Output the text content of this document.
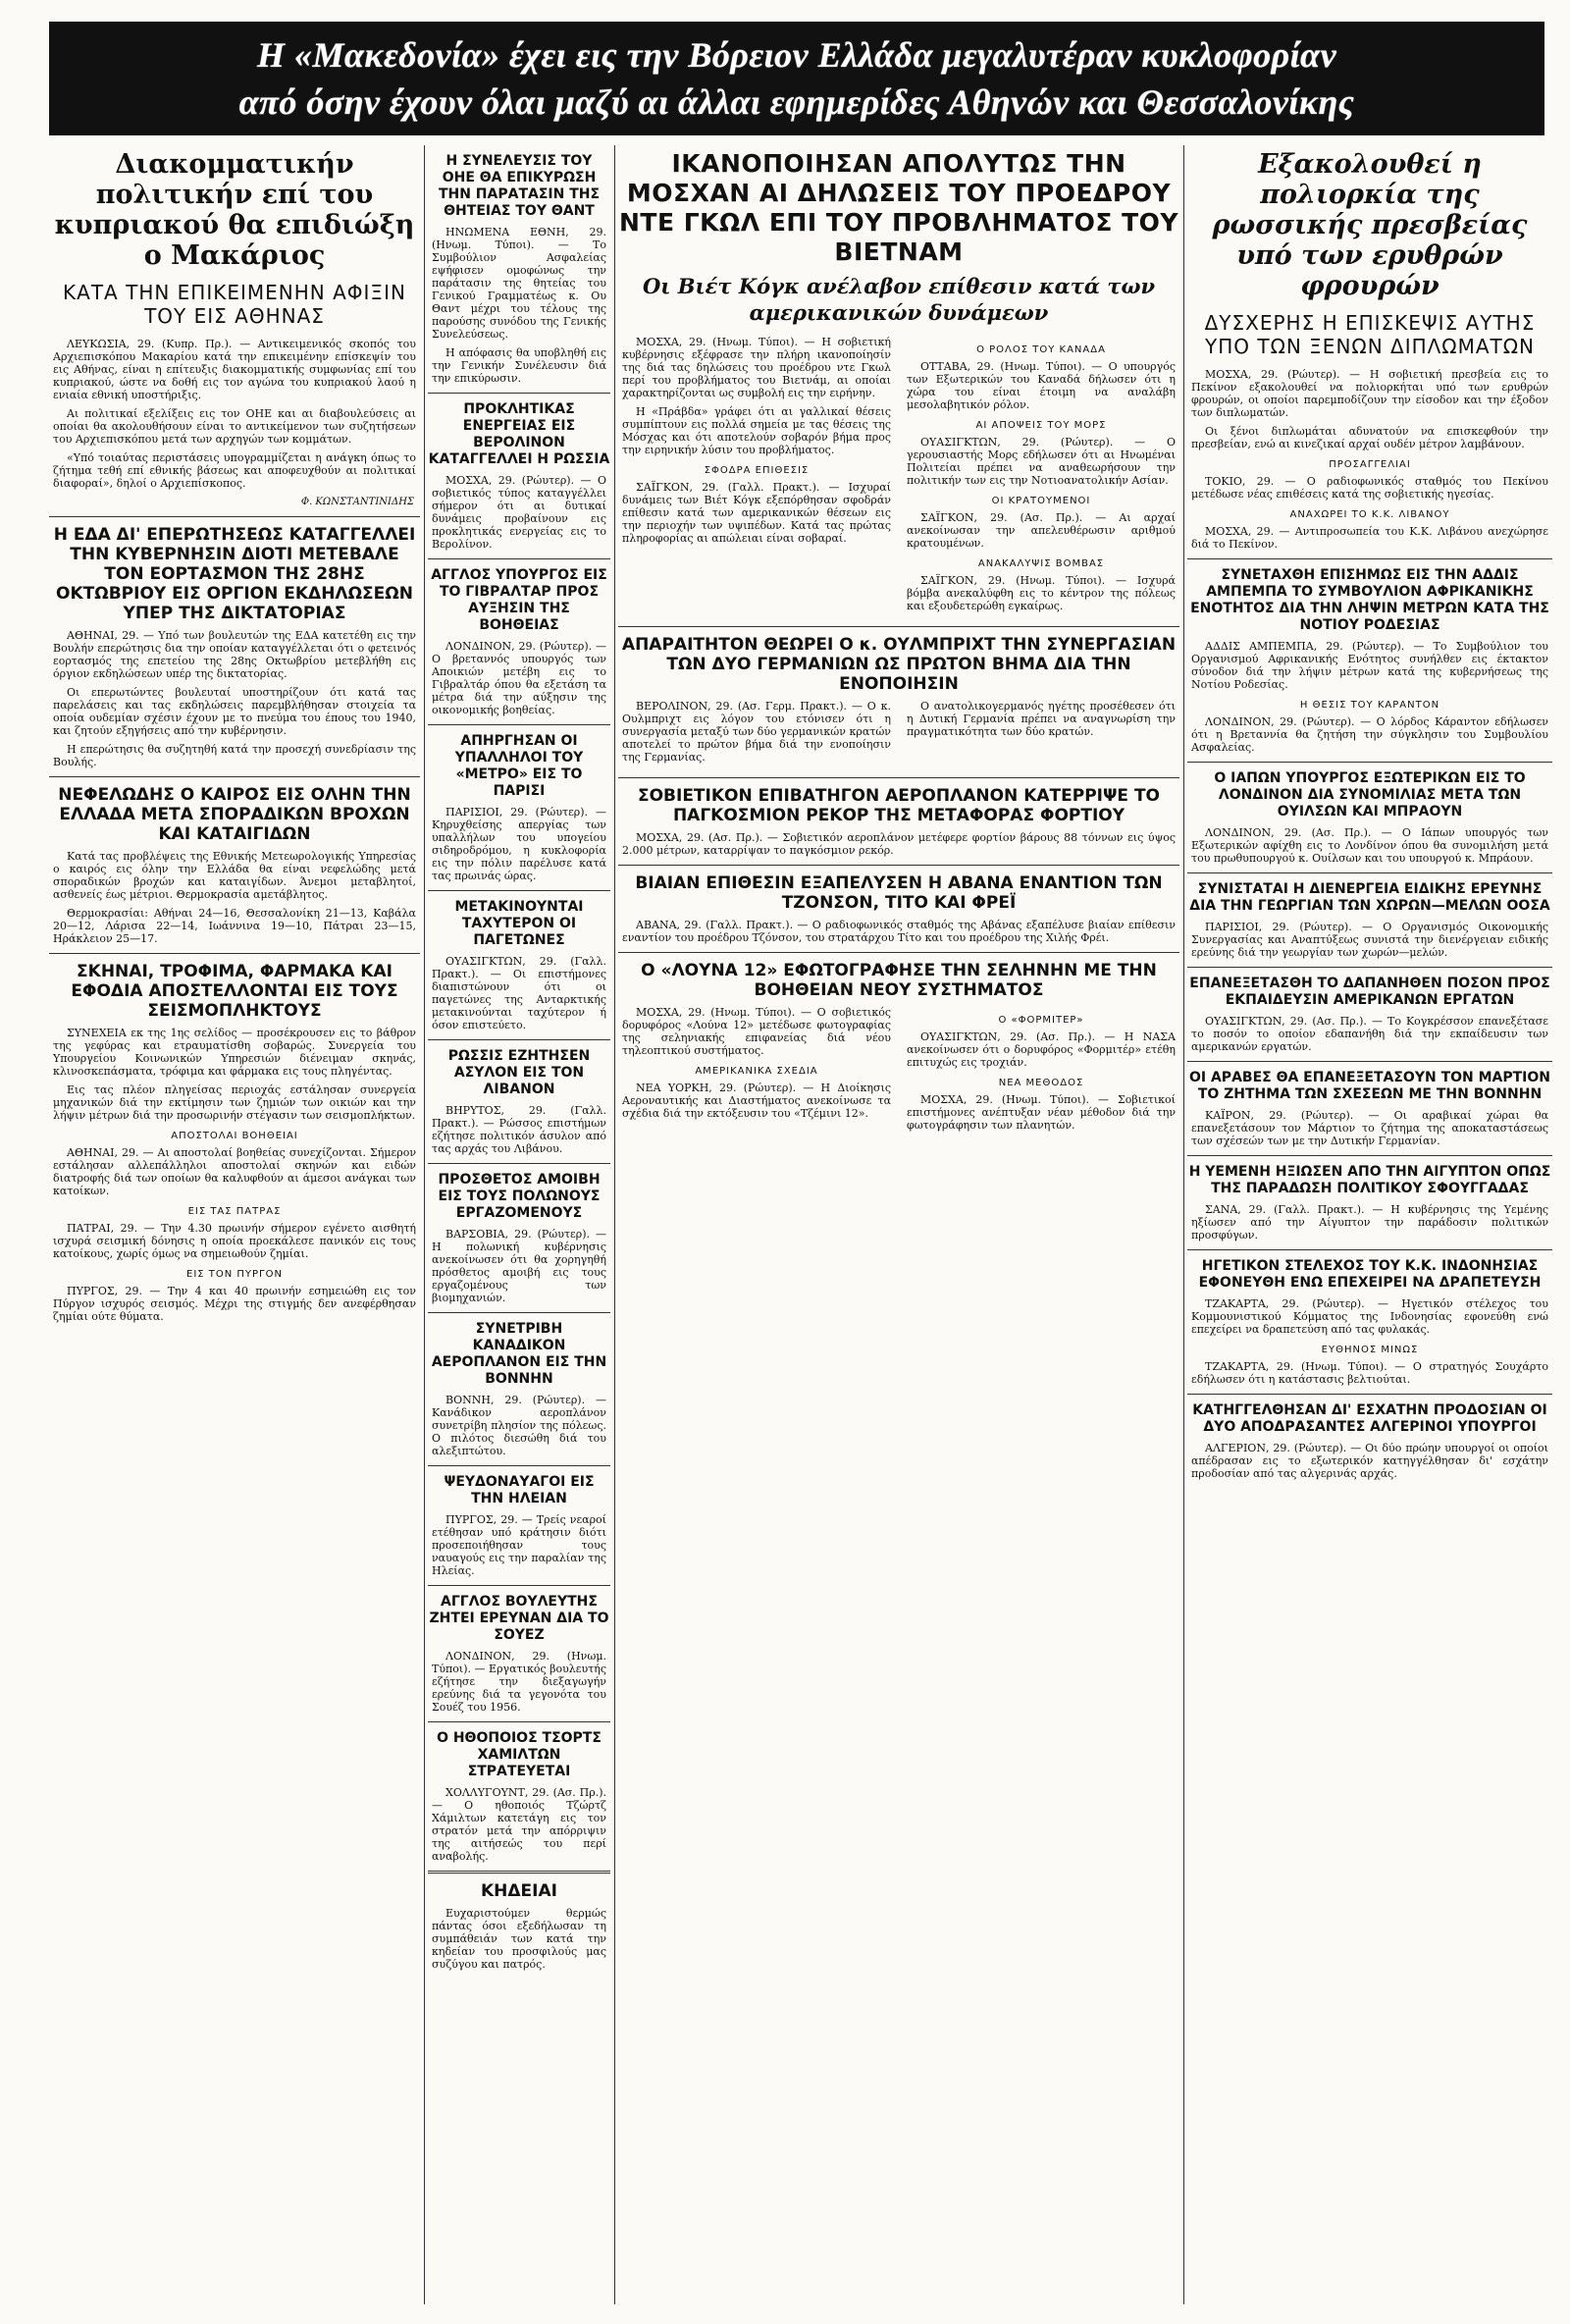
Η «Μακεδονία» έχει εις την Βόρειον Ελλάδα μεγαλυτέραν κυκλοφορίαν
από όσην έχουν όλαι μαζύ αι άλλαι εφημερίδες Αθηνών και Θεσσαλονίκης
Διακομματικήν πολιτικήν επί του κυπριακού θα επιδιώξη ο Μακάριος
ΚΑΤΑ ΤΗΝ ΕΠΙΚΕΙΜΕΝΗΝ ΑΦΙΞΙΝ ΤΟΥ ΕΙΣ ΑΘΗΝΑΣ
ΛΕΥΚΩΣΙΑ, 29. (Κυπρ. Πρ.). — Αντικειμενικός σκοπός του Αρχιεπισκόπου Μακαρίου κατά την επικειμένην επίσκεψίν του εις Αθήνας, είναι η επίτευξις διακομματικής συμφωνίας επί του κυπριακού, ώστε να δοθή εις τον αγώνα του κυπριακού λαού η ενιαία εθνική υποστήριξις.
Αι πολιτικαί εξελίξεις εις τον ΟΗΕ και αι διαβουλεύσεις αι οποίαι θα ακολουθήσουν είναι το αντικείμενον των συζητήσεων του Αρχιεπισκόπου μετά των αρχηγών των κομμάτων.
«Υπό τοιαύτας περιστάσεις υπογραμμίζεται η ανάγκη όπως το ζήτημα τεθή επί εθνικής βάσεως και αποφευχθούν αι πολιτικαί διαφοραί», δηλοί ο Αρχιεπίσκοπος.
Φ. ΚΩΝΣΤΑΝΤΙΝΙΔΗΣ
Η ΕΔΑ ΔΙ' ΕΠΕΡΩΤΗΣΕΩΣ ΚΑΤΑΓΓΕΛΛΕΙ ΤΗΝ ΚΥΒΕΡΝΗΣΙΝ ΔΙΟΤΙ ΜΕΤΕΒΑΛΕ ΤΟΝ ΕΟΡΤΑΣΜΟΝ ΤΗΣ 28ΗΣ ΟΚΤΩΒΡΙΟΥ ΕΙΣ ΟΡΓΙΟΝ ΕΚΔΗΛΩΣΕΩΝ ΥΠΕΡ ΤΗΣ ΔΙΚΤΑΤΟΡΙΑΣ
ΑΘΗΝΑΙ, 29. — Υπό των βουλευτών της ΕΔΑ κατετέθη εις την Βουλήν επερώτησις δια την οποίαν καταγγέλλεται ότι ο φετεινός εορτασμός της επετείου της 28ης Οκτωβρίου μετεβλήθη εις όργιον εκδηλώσεων υπέρ της δικτατορίας.
Οι επερωτώντες βουλευταί υποστηρίζουν ότι κατά τας παρελάσεις και τας εκδηλώσεις παρεμβλήθησαν στοιχεία τα οποία ουδεμίαν σχέσιν έχουν με το πνεύμα του έπους του 1940, και ζητούν εξηγήσεις από την κυβέρνησιν.
Η επερώτησις θα συζητηθή κατά την προσεχή συνεδρίασιν της Βουλής.
ΝΕΦΕΛΩΔΗΣ Ο ΚΑΙΡΟΣ ΕΙΣ ΟΛΗΝ ΤΗΝ ΕΛΛΑΔΑ ΜΕΤΑ ΣΠΟΡΑΔΙΚΩΝ ΒΡΟΧΩΝ ΚΑΙ ΚΑΤΑΙΓΙΔΩΝ
Κατά τας προβλέψεις της Εθνικής Μετεωρολογικής Υπηρεσίας ο καιρός εις όλην την Ελλάδα θα είναι νεφελώδης μετά σποραδικών βροχών και καταιγίδων. Άνεμοι μεταβλητοί, ασθενείς έως μέτριοι. Θερμοκρασία αμετάβλητος.
Θερμοκρασίαι: Αθήναι 24—16, Θεσσαλονίκη 21—13, Καβάλα 20—12, Λάρισα 22—14, Ιωάννινα 19—10, Πάτραι 23—15, Ηράκλειον 25—17.
ΣΚΗΝΑΙ, ΤΡΟΦΙΜΑ, ΦΑΡΜΑΚΑ ΚΑΙ ΕΦΟΔΙΑ ΑΠΟΣΤΕΛΛΟΝΤΑΙ ΕΙΣ ΤΟΥΣ ΣΕΙΣΜΟΠΛΗΚΤΟΥΣ
ΣΥΝΕΧΕΙΑ εκ της 1ης σελίδος — προσέκρουσεν εις το βάθρον της γεφύρας και ετραυματίσθη σοβαρώς. Συνεργεία του Υπουργείου Κοινωνικών Υπηρεσιών διένειμαν σκηνάς, κλινοσκεπάσματα, τρόφιμα και φάρμακα εις τους πληγέντας.
Εις τας πλέον πληγείσας περιοχάς εστάλησαν συνεργεία μηχανικών διά την εκτίμησιν των ζημιών των οικιών και την λήψιν μέτρων διά την προσωρινήν στέγασιν των σεισμοπλήκτων.
ΑΠΟΣΤΟΛΑΙ ΒΟΗΘΕΙΑΙ
ΑΘΗΝΑΙ, 29. — Αι αποστολαί βοηθείας συνεχίζονται. Σήμερον εστάλησαν αλλεπάλληλοι αποστολαί σκηνών και ειδών διατροφής διά των οποίων θα καλυφθούν αι άμεσοι ανάγκαι των κατοίκων.
ΕΙΣ ΤΑΣ ΠΑΤΡΑΣ
ΠΑΤΡΑΙ, 29. — Την 4.30 πρωινήν σήμερον εγένετο αισθητή ισχυρά σεισμική δόνησις η οποία προεκάλεσε πανικόν εις τους κατοίκους, χωρίς όμως να σημειωθούν ζημίαι.
ΕΙΣ ΤΟΝ ΠΥΡΓΟΝ
ΠΥΡΓΟΣ, 29. — Την 4 και 40 πρωινήν εσημειώθη εις τον Πύργον ισχυρός σεισμός. Μέχρι της στιγμής δεν ανεφέρθησαν ζημίαι ούτε θύματα.
Η ΣΥΝΕΛΕΥΣΙΣ ΤΟΥ ΟΗΕ ΘΑ ΕΠΙΚΥΡΩΣΗ ΤΗΝ ΠΑΡΑΤΑΣΙΝ ΤΗΣ ΘΗΤΕΙΑΣ ΤΟΥ ΘΑΝΤ
ΗΝΩΜΕΝΑ ΕΘΝΗ, 29. (Ηνωμ. Τύποι). — Το Συμβούλιον Ασφαλείας εψήφισεν ομοφώνως την παράτασιν της θητείας του Γενικού Γραμματέως κ. Ου Θαντ μέχρι του τέλους της παρούσης συνόδου της Γενικής Συνελεύσεως.
Η απόφασις θα υποβληθή εις την Γενικήν Συνέλευσιν διά την επικύρωσιν.
ΠΡΟΚΛΗΤΙΚΑΣ ΕΝΕΡΓΕΙΑΣ ΕΙΣ ΒΕΡΟΛΙΝΟΝ ΚΑΤΑΓΓΕΛΛΕΙ Η ΡΩΣΣΙΑ
ΜΟΣΧΑ, 29. (Ρώυτερ). — Ο σοβιετικός τύπος καταγγέλλει σήμερον ότι αι δυτικαί δυνάμεις προβαίνουν εις προκλητικάς ενεργείας εις το Βερολίνον.
ΑΓΓΛΟΣ ΥΠΟΥΡΓΟΣ ΕΙΣ ΤΟ ΓΙΒΡΑΛΤΑΡ ΠΡΟΣ ΑΥΞΗΣΙΝ ΤΗΣ ΒΟΗΘΕΙΑΣ
ΛΟΝΔΙΝΟΝ, 29. (Ρώυτερ). — Ο βρεταννός υπουργός των Αποικιών μετέβη εις το Γιβραλτάρ όπου θα εξετάση τα μέτρα διά την αύξησιν της οικονομικής βοηθείας.
ΑΠΗΡΓΗΣΑΝ ΟΙ ΥΠΑΛΛΗΛΟΙ ΤΟΥ «ΜΕΤΡΟ» ΕΙΣ ΤΟ ΠΑΡΙΣΙ
ΠΑΡΙΣΙΟΙ, 29. (Ρώυτερ). — Κηρυχθείσης απεργίας των υπαλλήλων του υπογείου σιδηροδρόμου, η κυκλοφορία εις την πόλιν παρέλυσε κατά τας πρωινάς ώρας.
ΜΕΤΑΚΙΝΟΥΝΤΑΙ ΤΑΧΥΤΕΡΟΝ ΟΙ ΠΑΓΕΤΩΝΕΣ
ΟΥΑΣΙΓΚΤΩΝ, 29. (Γαλλ. Πρακτ.). — Οι επιστήμονες διαπιστώνουν ότι οι παγετώνες της Ανταρκτικής μετακινούνται ταχύτερον ή όσον επιστεύετο.
ΡΩΣΣΙΣ ΕΖΗΤΗΣΕΝ ΑΣΥΛΟΝ ΕΙΣ ΤΟΝ ΛΙΒΑΝΟΝ
ΒΗΡΥΤΟΣ, 29. (Γαλλ. Πρακτ.). — Ρώσσος επιστήμων εζήτησε πολιτικόν άσυλον από τας αρχάς του Λιβάνου.
ΠΡΟΣΘΕΤΟΣ ΑΜΟΙΒΗ ΕΙΣ ΤΟΥΣ ΠΟΛΩΝΟΥΣ ΕΡΓΑΖΟΜΕΝΟΥΣ
ΒΑΡΣΟΒΙΑ, 29. (Ρώυτερ). — Η πολωνική κυβέρνησις ανεκοίνωσεν ότι θα χορηγηθή πρόσθετος αμοιβή εις τους εργαζομένους των βιομηχανιών.
ΣΥΝΕΤΡΙΒΗ ΚΑΝΑΔΙΚΟΝ ΑΕΡΟΠΛΑΝΟΝ ΕΙΣ ΤΗΝ ΒΟΝΝΗΝ
ΒΟΝΝΗ, 29. (Ρώυτερ). — Κανάδικον αεροπλάνον συνετρίβη πλησίον της πόλεως. Ο πιλότος διεσώθη διά του αλεξιπτώτου.
ΨΕΥΔΟΝΑΥΑΓΟΙ ΕΙΣ ΤΗΝ ΗΛΕΙΑΝ
ΠΥΡΓΟΣ, 29. — Τρείς νεαροί ετέθησαν υπό κράτησιν διότι προσεποιήθησαν τους ναυαγούς εις την παραλίαν της Ηλείας.
ΑΓΓΛΟΣ ΒΟΥΛΕΥΤΗΣ ΖΗΤΕΙ ΕΡΕΥΝΑΝ ΔΙΑ ΤΟ ΣΟΥΕΖ
ΛΟΝΔΙΝΟΝ, 29. (Ηνωμ. Τύποι). — Εργατικός βουλευτής εζήτησε την διεξαγωγήν ερεύνης διά τα γεγονότα του Σουέζ του 1956.
Ο ΗΘΟΠΟΙΟΣ ΤΣΟΡΤΣ ΧΑΜΙΛΤΩΝ ΣΤΡΑΤΕΥΕΤΑΙ
ΧΟΛΛΥΓΟΥΝΤ, 29. (Ασ. Πρ.). — Ο ηθοποιός Τζώρτζ Χάμιλτων κατετάγη εις τον στρατόν μετά την απόρριψιν της αιτήσεώς του περί αναβολής.
ΚΗΔΕΙΑΙ
Ευχαριστούμεν θερμώς πάντας όσοι εξεδήλωσαν τη συμπάθειάν των κατά την κηδείαν του προσφιλούς μας συζύγου και πατρός.
ΙΚΑΝΟΠΟΙΗΣΑΝ ΑΠΟΛΥΤΩΣ ΤΗΝ ΜΟΣΧΑΝ ΑΙ ΔΗΛΩΣΕΙΣ ΤΟΥ ΠΡΟΕΔΡΟΥ ΝΤΕ ΓΚΩΛ ΕΠΙ ΤΟΥ ΠΡΟΒΛΗΜΑΤΟΣ ΤΟΥ ΒΙΕΤΝΑΜ
Οι Βιέτ Κόγκ ανέλαβον επίθεσιν κατά των αμερικανικών δυνάμεων
ΜΟΣΧΑ, 29. (Ηνωμ. Τύποι). — Η σοβιετική κυβέρνησις εξέφρασε την πλήρη ικανοποίησίν της διά τας δηλώσεις του προέδρου ντε Γκωλ περί του προβλήματος του Βιετνάμ, αι οποίαι χαρακτηρίζονται ως συμβολή εις την ειρήνην.
Η «Πράβδα» γράφει ότι αι γαλλικαί θέσεις συμπίπτουν εις πολλά σημεία με τας θέσεις της Μόσχας και ότι αποτελούν σοβαρόν βήμα προς την ειρηνικήν λύσιν του προβλήματος.
ΣΦΟΔΡΑ ΕΠΙΘΕΣΙΣ
ΣΑΪΓΚΟΝ, 29. (Γαλλ. Πρακτ.). — Ισχυραί δυνάμεις των Βιέτ Κόγκ εξεπόρθησαν σφοδράν επίθεσιν κατά των αμερικανικών θέσεων εις την περιοχήν των υψιπέδων. Κατά τας πρώτας πληροφορίας αι απώλειαι είναι σοβαραί.
Ο ΡΟΛΟΣ ΤΟΥ ΚΑΝΑΔΑ
ΟΤΤΑΒΑ, 29. (Ηνωμ. Τύποι). — Ο υπουργός των Εξωτερικών του Καναδά δήλωσεν ότι η χώρα του είναι έτοιμη να αναλάβη μεσολαβητικόν ρόλον.
ΑΙ ΑΠΟΨΕΙΣ ΤΟΥ ΜΟΡΣ
ΟΥΑΣΙΓΚΤΩΝ, 29. (Ρώυτερ). — Ο γερουσιαστής Μορς εδήλωσεν ότι αι Ηνωμέναι Πολιτείαι πρέπει να αναθεωρήσουν την πολιτικήν των εις την Νοτιοανατολικήν Ασίαν.
ΟΙ ΚΡΑΤΟΥΜΕΝΟΙ
ΣΑΪΓΚΟΝ, 29. (Ασ. Πρ.). — Αι αρχαί ανεκοίνωσαν την απελευθέρωσιν αριθμού κρατουμένων.
ΑΝΑΚΑΛΥΨΙΣ ΒΟΜΒΑΣ
ΣΑΪΓΚΟΝ, 29. (Ηνωμ. Τύποι). — Ισχυρά βόμβα ανεκαλύφθη εις το κέντρον της πόλεως και εξουδετερώθη εγκαίρως.
ΑΠΑΡΑΙΤΗΤΟΝ ΘΕΩΡΕΙ Ο κ. ΟΥΛΜΠΡΙΧΤ ΤΗΝ ΣΥΝΕΡΓΑΣΙΑΝ ΤΩΝ ΔΥΟ ΓΕΡΜΑΝΙΩΝ ΩΣ ΠΡΩΤΟΝ ΒΗΜΑ ΔΙΑ ΤΗΝ ΕΝΟΠΟΙΗΣΙΝ
ΒΕΡΟΛΙΝΟΝ, 29. (Ασ. Γερμ. Πρακτ.). — Ο κ. Ουλμπριχτ εις λόγον του ετόνισεν ότι η συνεργασία μεταξύ των δύο γερμανικών κρατών αποτελεί το πρώτον βήμα διά την ενοποίησιν της Γερμανίας.
Ο ανατολικογερμανός ηγέτης προσέθεσεν ότι η Δυτική Γερμανία πρέπει να αναγνωρίση την πραγματικότητα των δύο κρατών.
ΣΟΒΙΕΤΙΚΟΝ ΕΠΙΒΑΤΗΓΟΝ ΑΕΡΟΠΛΑΝΟΝ ΚΑΤΕΡΡΙΨΕ ΤΟ ΠΑΓΚΟΣΜΙΟΝ ΡΕΚΟΡ ΤΗΣ ΜΕΤΑΦΟΡΑΣ ΦΟΡΤΙΟΥ
ΜΟΣΧΑ, 29. (Ασ. Πρ.). — Σοβιετικόν αεροπλάνον μετέφερε φορτίον βάρους 88 τόννων εις ύψος 2.000 μέτρων, καταρρίψαν το παγκόσμιον ρεκόρ.
ΒΙΑΙΑΝ ΕΠΙΘΕΣΙΝ ΕΞΑΠΕΛΥΣΕΝ Η ΑΒΑΝΑ ΕΝΑΝΤΙΟΝ ΤΩΝ ΤΖΟΝΣΟΝ, ΤΙΤΟ ΚΑΙ ΦΡΕΪ
ΑΒΑΝΑ, 29. (Γαλλ. Πρακτ.). — Ο ραδιοφωνικός σταθμός της Αβάνας εξαπέλυσε βιαίαν επίθεσιν εναντίον του προέδρου Τζόνσον, του στρατάρχου Τίτο και του προέδρου της Χιλής Φρέι.
Ο «ΛΟΥΝΑ 12» ΕΦΩΤΟΓΡΑΦΗΣΕ ΤΗΝ ΣΕΛΗΝΗΝ ΜΕ ΤΗΝ ΒΟΗΘΕΙΑΝ ΝΕΟΥ ΣΥΣΤΗΜΑΤΟΣ
ΜΟΣΧΑ, 29. (Ηνωμ. Τύποι). — Ο σοβιετικός δορυφόρος «Λούνα 12» μετέδωσε φωτογραφίας της σεληνιακής επιφανείας διά νέου τηλεοπτικού συστήματος.
ΑΜΕΡΙΚΑΝΙΚΑ ΣΧΕΔΙΑ
ΝΕΑ ΥΟΡΚΗ, 29. (Ρώυτερ). — Η Διοίκησις Αεροναυτικής και Διαστήματος ανεκοίνωσε τα σχέδια διά την εκτόξευσιν του «Τζέμινι 12».
Ο «ΦΟΡΜΙΤΕΡ»
ΟΥΑΣΙΓΚΤΩΝ, 29. (Ασ. Πρ.). — Η ΝΑΣΑ ανεκοίνωσεν ότι ο δορυφόρος «Φορμιτέρ» ετέθη επιτυχώς εις τροχιάν.
ΝΕΑ ΜΕΘΟΔΟΣ
ΜΟΣΧΑ, 29. (Ηνωμ. Τύποι). — Σοβιετικοί επιστήμονες ανέπτυξαν νέαν μέθοδον διά την φωτογράφησιν των πλανητών.
Εξακολουθεί η πολιορκία της ρωσσικής πρεσβείας υπό των ερυθρών φρουρών
ΔΥΣΧΕΡΗΣ Η ΕΠΙΣΚΕΨΙΣ ΑΥΤΗΣ ΥΠΟ ΤΩΝ ΞΕΝΩΝ ΔΙΠΛΩΜΑΤΩΝ
ΜΟΣΧΑ, 29. (Ρώυτερ). — Η σοβιετική πρεσβεία εις το Πεκίνον εξακολουθεί να πολιορκήται υπό των ερυθρών φρουρών, οι οποίοι παρεμποδίζουν την είσοδον και την έξοδον των διπλωματών.
Οι ξένοι διπλωμάται αδυνατούν να επισκεφθούν την πρεσβείαν, ενώ αι κινεζικαί αρχαί ουδέν μέτρον λαμβάνουν.
ΠΡΟΣΑΓΓΕΛΙΑΙ
ΤΟΚΙΟ, 29. — Ο ραδιοφωνικός σταθμός του Πεκίνου μετέδωσε νέας επιθέσεις κατά της σοβιετικής ηγεσίας.
ΑΝΑΧΩΡΕΙ ΤΟ Κ.Κ. ΛΙΒΑΝΟΥ
ΜΟΣΧΑ, 29. — Αντιπροσωπεία του Κ.Κ. Λιβάνου ανεχώρησε διά το Πεκίνον.
ΣΥΝΕΤΑΧΘΗ ΕΠΙΣΗΜΩΣ ΕΙΣ ΤΗΝ ΑΔΔΙΣ ΑΜΠΕΜΠΑ ΤΟ ΣΥΜΒΟΥΛΙΟΝ ΑΦΡΙΚΑΝΙΚΗΣ ΕΝΟΤΗΤΟΣ ΔΙΑ ΤΗΝ ΛΗΨΙΝ ΜΕΤΡΩΝ ΚΑΤΑ ΤΗΣ ΝΟΤΙΟΥ ΡΟΔΕΣΙΑΣ
ΑΔΔΙΣ ΑΜΠΕΜΠΑ, 29. (Ρώυτερ). — Το Συμβούλιον του Οργανισμού Αφρικανικής Ενότητος συνήλθεν εις έκτακτον σύνοδον διά την λήψιν μέτρων κατά της κυβερνήσεως της Νοτίου Ροδεσίας.
Η ΘΕΣΙΣ ΤΟΥ ΚΑΡΑΝΤΟΝ
ΛΟΝΔΙΝΟΝ, 29. (Ρώυτερ). — Ο λόρδος Κάραντον εδήλωσεν ότι η Βρεταννία θα ζητήση την σύγκλησιν του Συμβουλίου Ασφαλείας.
Ο ΙΑΠΩΝ ΥΠΟΥΡΓΟΣ ΕΞΩΤΕΡΙΚΩΝ ΕΙΣ ΤΟ ΛΟΝΔΙΝΟΝ ΔΙΑ ΣΥΝΟΜΙΛΙΑΣ ΜΕΤΑ ΤΩΝ ΟΥΙΛΣΩΝ ΚΑΙ ΜΠΡΑΟΥΝ
ΛΟΝΔΙΝΟΝ, 29. (Ασ. Πρ.). — Ο Ιάπων υπουργός των Εξωτερικών αφίχθη εις το Λονδίνον όπου θα συνομιλήση μετά του πρωθυπουργού κ. Ουίλσων και του υπουργού κ. Μπράουν.
ΣΥΝΙΣΤΑΤΑΙ Η ΔΙΕΝΕΡΓΕΙΑ ΕΙΔΙΚΗΣ ΕΡΕΥΝΗΣ ΔΙΑ ΤΗΝ ΓΕΩΡΓΙΑΝ ΤΩΝ ΧΩΡΩΝ—ΜΕΛΩΝ ΟΟΣΑ
ΠΑΡΙΣΙΟΙ, 29. (Ρώυτερ). — Ο Οργανισμός Οικονομικής Συνεργασίας και Αναπτύξεως συνιστά την διενέργειαν ειδικής ερεύνης διά την γεωργίαν των χωρών—μελών.
ΕΠΑΝΕΞΕΤΑΣΘΗ ΤΟ ΔΑΠΑΝΗΘΕΝ ΠΟΣΟΝ ΠΡΟΣ ΕΚΠΑΙΔΕΥΣΙΝ ΑΜΕΡΙΚΑΝΩΝ ΕΡΓΑΤΩΝ
ΟΥΑΣΙΓΚΤΩΝ, 29. (Ασ. Πρ.). — Το Κογκρέσσον επανεξέτασε το ποσόν το οποίον εδαπανήθη διά την εκπαίδευσιν των αμερικανών εργατών.
ΟΙ ΑΡΑΒΕΣ ΘΑ ΕΠΑΝΕΞΕΤΑΣΟΥΝ ΤΟΝ ΜΑΡΤΙΟΝ ΤΟ ΖΗΤΗΜΑ ΤΩΝ ΣΧΕΣΕΩΝ ΜΕ ΤΗΝ ΒΟΝΝΗΝ
ΚΑΪΡΟΝ, 29. (Ρώυτερ). — Οι αραβικαί χώραι θα επανεξετάσουν τον Μάρτιον το ζήτημα της αποκαταστάσεως των σχέσεών των με την Δυτικήν Γερμανίαν.
Η ΥΕΜΕΝΗ ΗΞΙΩΣΕΝ ΑΠΟ ΤΗΝ ΑΙΓΥΠΤΟΝ ΟΠΩΣ ΤΗΣ ΠΑΡΑΔΩΣΗ ΠΟΛΙΤΙΚΟΥ ΣΦΟΥΓΓΑΔΑΣ
ΣΑΝΑ, 29. (Γαλλ. Πρακτ.). — Η κυβέρνησις της Υεμένης ηξίωσεν από την Αίγυπτον την παράδοσιν πολιτικών προσφύγων.
ΗΓΕΤΙΚΟΝ ΣΤΕΛΕΧΟΣ ΤΟΥ Κ.Κ. ΙΝΔΟΝΗΣΙΑΣ ΕΦΟΝΕΥΘΗ ΕΝΩ ΕΠΕΧΕΙΡΕΙ ΝΑ ΔΡΑΠΕΤΕΥΣΗ
ΤΖΑΚΑΡΤΑ, 29. (Ρώυτερ). — Ηγετικόν στέλεχος του Κομμουνιστικού Κόμματος της Ινδονησίας εφονεύθη ενώ επεχείρει να δραπετεύση από τας φυλακάς.
ΕΥΘΗΝΟΣ ΜΙΝΩΣ
ΤΖΑΚΑΡΤΑ, 29. (Ηνωμ. Τύποι). — Ο στρατηγός Σουχάρτο εδήλωσεν ότι η κατάστασις βελτιούται.
ΚΑΤΗΓΓΕΛΘΗΣΑΝ ΔΙ' ΕΣΧΑΤΗΝ ΠΡΟΔΟΣΙΑΝ ΟΙ ΔΥΟ ΑΠΟΔΡΑΣΑΝΤΕΣ ΑΛΓΕΡΙΝΟΙ ΥΠΟΥΡΓΟΙ
ΑΛΓΕΡΙΟΝ, 29. (Ρώυτερ). — Οι δύο πρώην υπουργοί οι οποίοι απέδρασαν εις το εξωτερικόν κατηγγέλθησαν δι' εσχάτην προδοσίαν από τας αλγερινάς αρχάς.
